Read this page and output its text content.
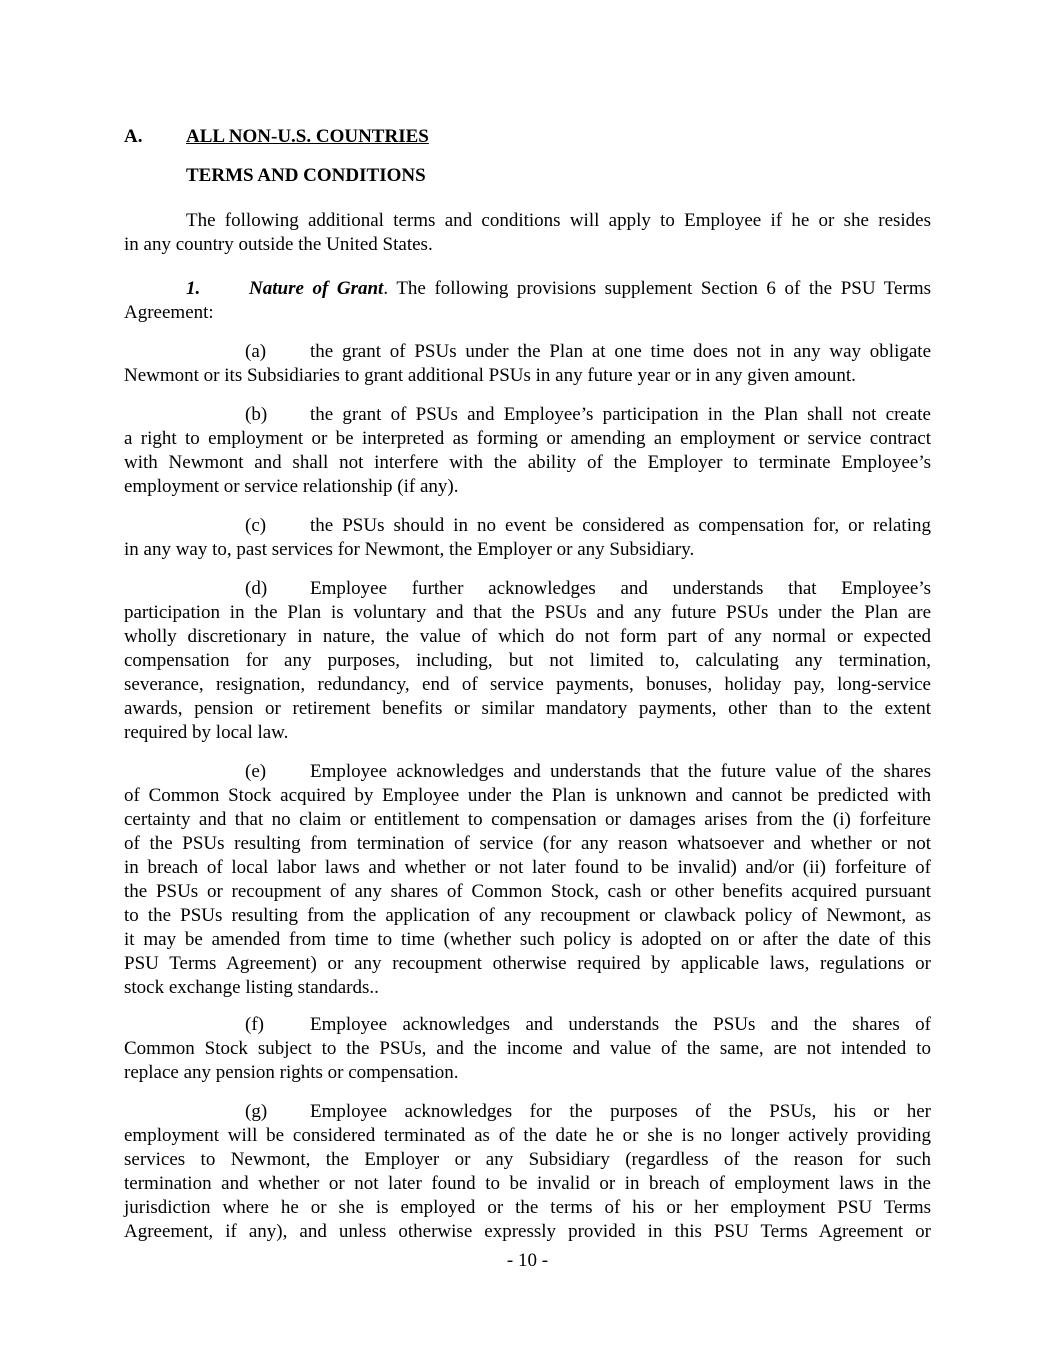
A. ALL NON-U.S. COUNTRIES
TERMS AND CONDITIONS
The following additional terms and conditions will apply to Employee if he or she resides
in any country outside the United States.
1.	Nature of Grant. The following provisions supplement Section 6 of the PSU Terms
Agreement:
(a) the grant of PSUs under the Plan at one time does not in any way obligate
Newmont or its Subsidiaries to grant additional PSUs in any future year or in any given amount.
(b) the grant of PSUs and Employee’s participation in the Plan shall not create
a right to employment or be interpreted as forming or amending an employment or service contract
with Newmont and shall not interfere with the ability of the Employer to terminate Employee’s
employment or service relationship (if any).
(c) the PSUs should in no event be considered as compensation for, or relating
in any way to, past services for Newmont, the Employer or any Subsidiary.
(d) Employee further acknowledges and understands that Employee’s
participation in the Plan is voluntary and that the PSUs and any future PSUs under the Plan are
wholly discretionary in nature, the value of which do not form part of any normal or expected
compensation for any purposes, including, but not limited to, calculating any termination,
severance, resignation, redundancy, end of service payments, bonuses, holiday pay, long-service
awards, pension or retirement benefits or similar mandatory payments, other than to the extent
required by local law.
(e) Employee acknowledges and understands that the future value of the shares
of Common Stock acquired by Employee under the Plan is unknown and cannot be predicted with
certainty and that no claim or entitlement to compensation or damages arises from the (i) forfeiture
of the PSUs resulting from termination of service (for any reason whatsoever and whether or not
in breach of local labor laws and whether or not later found to be invalid) and/or (ii) forfeiture of
the PSUs or recoupment of any shares of Common Stock, cash or other benefits acquired pursuant
to the PSUs resulting from the application of any recoupment or clawback policy of Newmont, as
it may be amended from time to time (whether such policy is adopted on or after the date of this
PSU Terms Agreement) or any recoupment otherwise required by applicable laws, regulations or
stock exchange listing standards..
(f) Employee acknowledges and understands the PSUs and the shares of
Common Stock subject to the PSUs, and the income and value of the same, are not intended to
replace any pension rights or compensation.
(g) Employee acknowledges for the purposes of the PSUs, his or her
employment will be considered terminated as of the date he or she is no longer actively providing
services to Newmont, the Employer or any Subsidiary (regardless of the reason for such
termination and whether or not later found to be invalid or in breach of employment laws in the
jurisdiction where he or she is employed or the terms of his or her employment PSU Terms
Agreement, if any), and unless otherwise expressly provided in this PSU Terms Agreement or
- 10 -
